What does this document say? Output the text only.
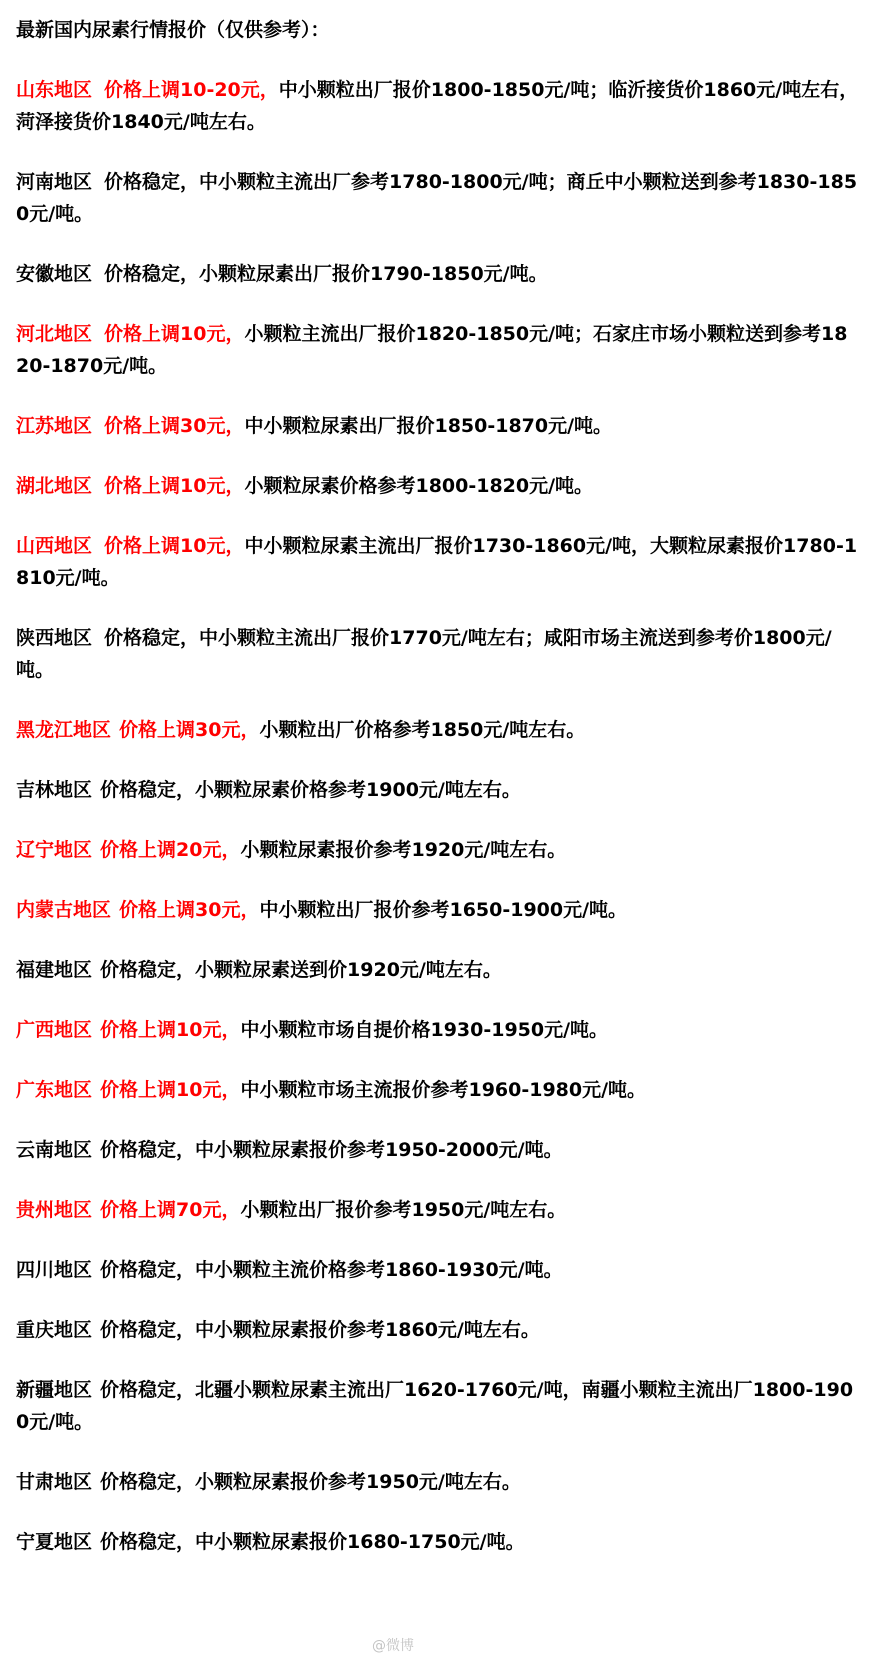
最新国内尿素行情报价（仅供参考）：
山东地区 价格上调10-20元，中小颗粒出厂报价1800-1850元/吨；临沂接货价1860元/吨左右，菏泽接货价1840元/吨左右。
河南地区 价格稳定，中小颗粒主流出厂参考1780-1800元/吨；商丘中小颗粒送到参考1830-1850元/吨。
安徽地区 价格稳定，小颗粒尿素出厂报价1790-1850元/吨。
河北地区 价格上调10元，小颗粒主流出厂报价1820-1850元/吨；石家庄市场小颗粒送到参考1820-1870元/吨。
江苏地区 价格上调30元，中小颗粒尿素出厂报价1850-1870元/吨。
湖北地区 价格上调10元，小颗粒尿素价格参考1800-1820元/吨。
山西地区 价格上调10元，中小颗粒尿素主流出厂报价1730-1860元/吨，大颗粒尿素报价1780-1810元/吨。
陕西地区 价格稳定，中小颗粒主流出厂报价1770元/吨左右；咸阳市场主流送到参考价1800元/吨。
黑龙江地区 价格上调30元，小颗粒出厂价格参考1850元/吨左右。
吉林地区 价格稳定，小颗粒尿素价格参考1900元/吨左右。
辽宁地区 价格上调20元，小颗粒尿素报价参考1920元/吨左右。
内蒙古地区 价格上调30元，中小颗粒出厂报价参考1650-1900元/吨。
福建地区 价格稳定，小颗粒尿素送到价1920元/吨左右。
广西地区 价格上调10元，中小颗粒市场自提价格1930-1950元/吨。
广东地区 价格上调10元，中小颗粒市场主流报价参考1960-1980元/吨。
云南地区 价格稳定，中小颗粒尿素报价参考1950-2000元/吨。
贵州地区 价格上调70元，小颗粒出厂报价参考1950元/吨左右。
四川地区 价格稳定，中小颗粒主流价格参考1860-1930元/吨。
重庆地区 价格稳定，中小颗粒尿素报价参考1860元/吨左右。
新疆地区 价格稳定，北疆小颗粒尿素主流出厂1620-1760元/吨，南疆小颗粒主流出厂1800-1900元/吨。
甘肃地区 价格稳定，小颗粒尿素报价参考1950元/吨左右。
宁夏地区 价格稳定，中小颗粒尿素报价1680-1750元/吨。
@微博
